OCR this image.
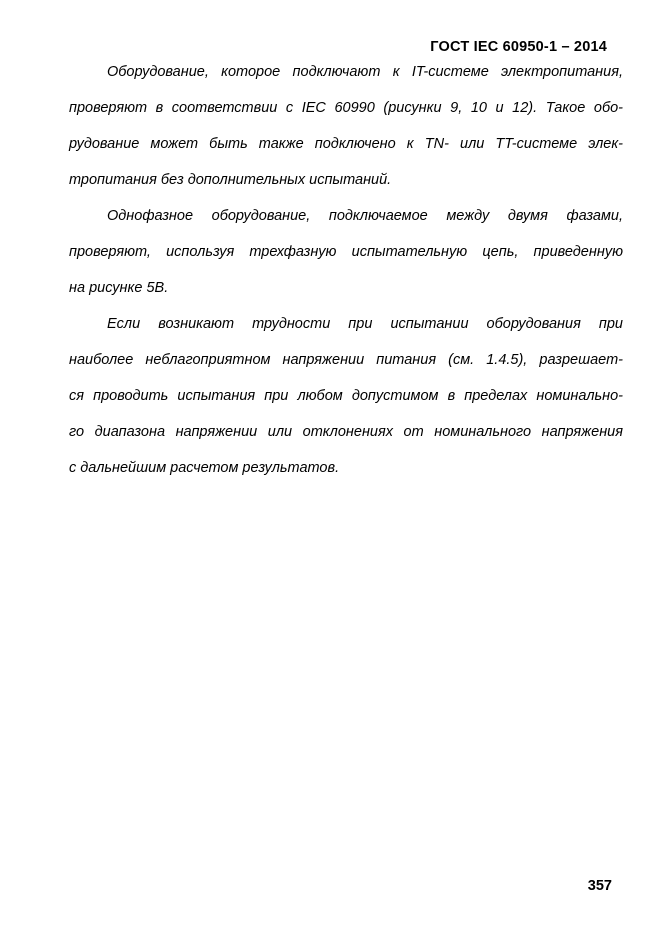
ГОСТ IEC 60950-1 – 2014

Оборудование, которое подключают к IT-системе электропитания,
проверяют в соответствии с IEC 60990 (рисунки 9, 10 и 12). Такое обо-
рудование может быть также подключено к TN- или TT-системе элек-
тропитания без дополнительных испытаний.

Однофазное оборудование, подключаемое между двумя фазами,
проверяют, используя трехфазную испытательную цепь, приведенную
на рисунке 5В.

Если возникают трудности при испытании оборудования при
наиболее неблагоприятном напряжении питания (см. 1.4.5), разрешает-
ся проводить испытания при любом допустимом в пределах номинально-
го диапазона напряжении или отклонениях от номинального напряжения
с дальнейшим расчетом результатов.

357
